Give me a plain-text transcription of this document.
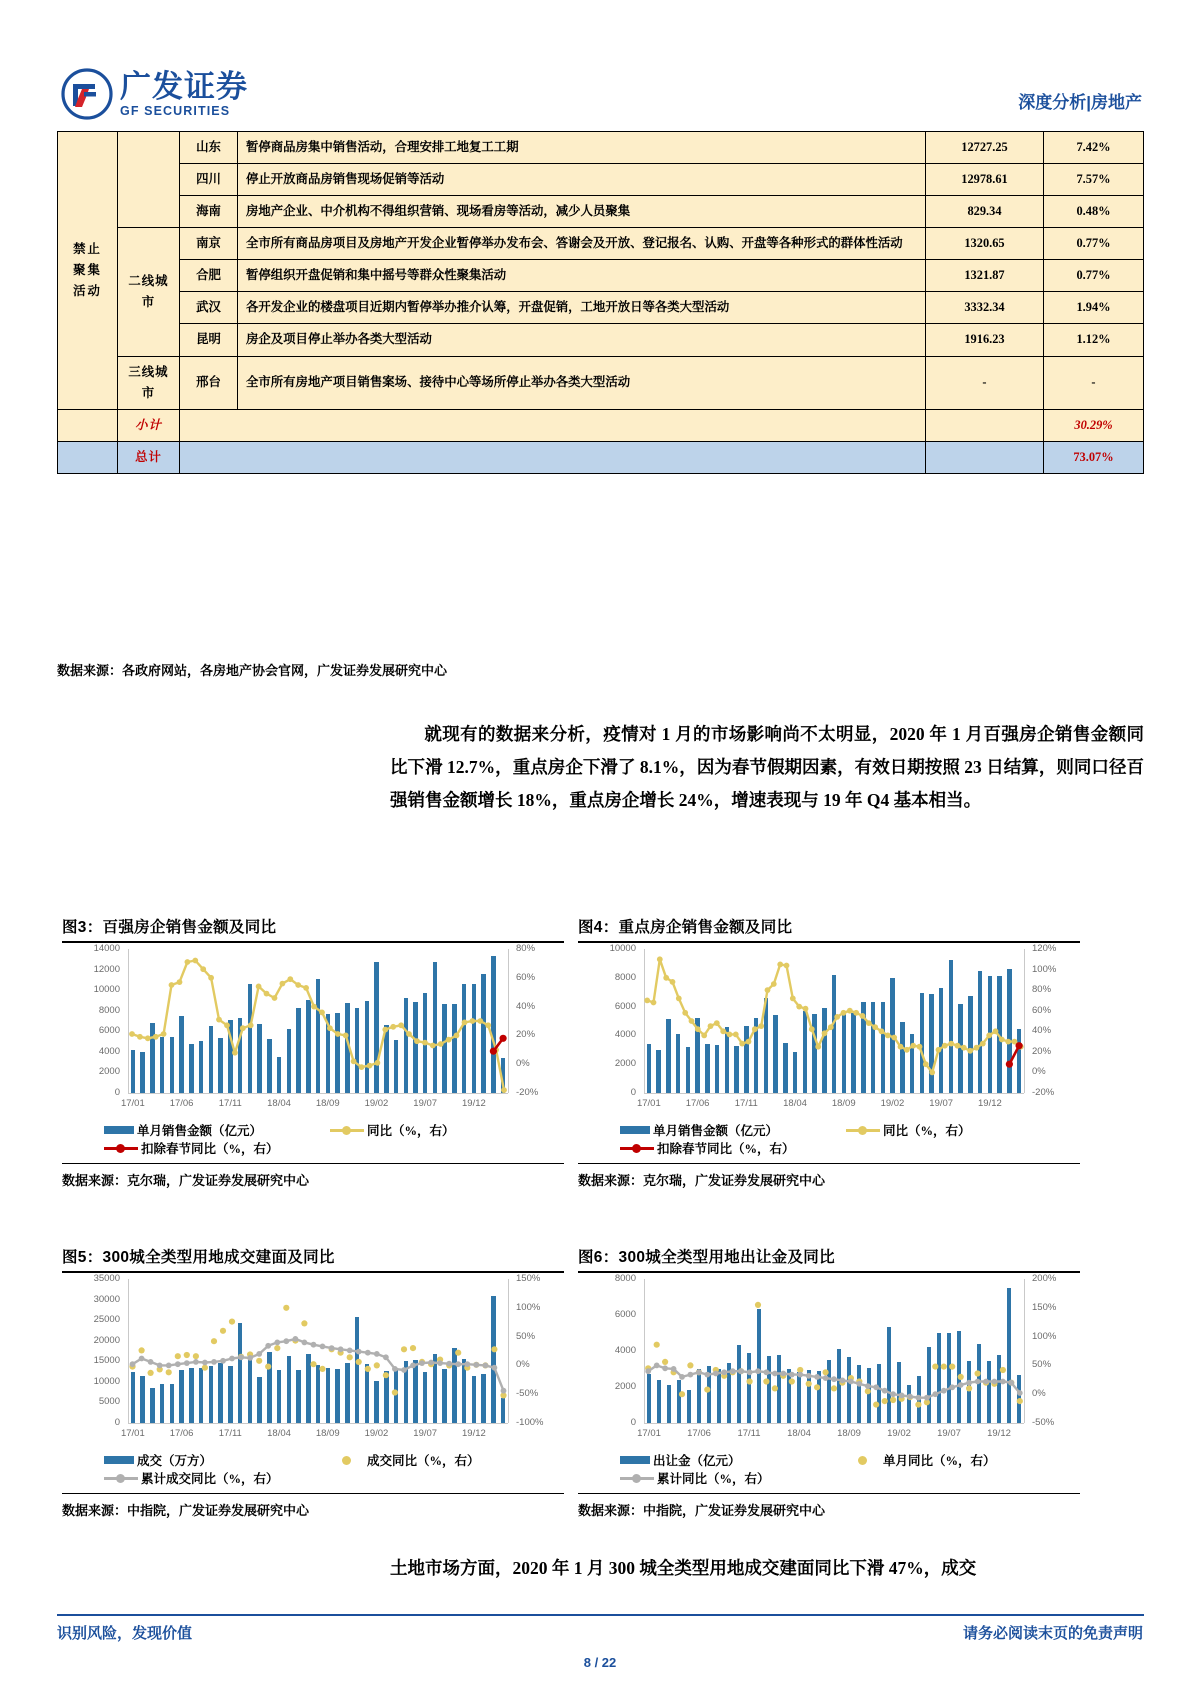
广发证券
GF SECURITIES	深度分析|房地产
禁止聚集活动		山东	暂停商品房集中销售活动，合理安排工地复工工期	12727.25	7.42%
		四川	停止开放商品房销售现场促销等活动	12978.61	7.57%
		海南	房地产企业、中介机构不得组织营销、现场看房等活动，减少人员聚集	829.34	0.48%
	二线城市	南京	全市所有商品房项目及房地产开发企业暂停举办发布会、答谢会及开放、登记报名、认购、开盘等各种形式的群体性活动	1320.65	0.77%
		合肥	暂停组织开盘促销和集中摇号等群众性聚集活动	1321.87	0.77%
		武汉	各开发企业的楼盘项目近期内暂停举办推介认筹，开盘促销，工地开放日等各类大型活动	3332.34	1.94%
		昆明	房企及项目停止举办各类大型活动	1916.23	1.12%
	三线城市	邢台	全市所有房地产项目销售案场、接待中心等场所停止举办各类大型活动	-	-
	小计				30.29%
	总计				73.07%
数据来源：各政府网站，各房地产协会官网，广发证券发展研究中心
就现有的数据来分析，疫情对 1 月的市场影响尚不太明显，2020 年 1 月百强房企销售金额同比下滑 12.7%，重点房企下滑了 8.1%，因为春节假期因素，有效日期按照 23 日结算，则同口径百强销售金额增长 18%，重点房企增长 24%，增速表现与 19 年 Q4 基本相当。
图3：百强房企销售金额及同比
0
2000
4000
6000
8000
10000
12000
14000
-20%
0%
20%
40%
60%
80%
17/01	17/06	17/11	18/04	18/09	19/02	19/07	19/12
单月销售金额（亿元）	同比（%，右）
扣除春节同比（%，右）
数据来源：克尔瑞，广发证券发展研究中心
图4：重点房企销售金额及同比
0
2000
4000
6000
8000
10000
-20%
0%
20%
40%
60%
80%
100%
120%
17/01	17/06	17/11	18/04	18/09	19/02	19/07	19/12
单月销售金额（亿元）	同比（%，右）
扣除春节同比（%，右）
数据来源：克尔瑞，广发证券发展研究中心
图5：300城全类型用地成交建面及同比
0
5000
10000
15000
20000
25000
30000
35000
-100%
-50%
0%
50%
100%
150%
17/01	17/06	17/11	18/04	18/09	19/02	19/07	19/12
成交（万方）	成交同比（%，右）
累计成交同比（%，右）
数据来源：中指院，广发证券发展研究中心
图6：300城全类型用地出让金及同比
0
2000
4000
6000
8000
-50%
0%
50%
100%
150%
200%
17/01	17/06	17/11	18/04	18/09	19/02	19/07	19/12
出让金（亿元）	单月同比（%，右）
累计同比（%，右）
数据来源：中指院，广发证券发展研究中心
土地市场方面，2020 年 1 月 300 城全类型用地成交建面同比下滑 47%，成交
识别风险，发现价值	请务必阅读末页的免责声明
8 / 22
